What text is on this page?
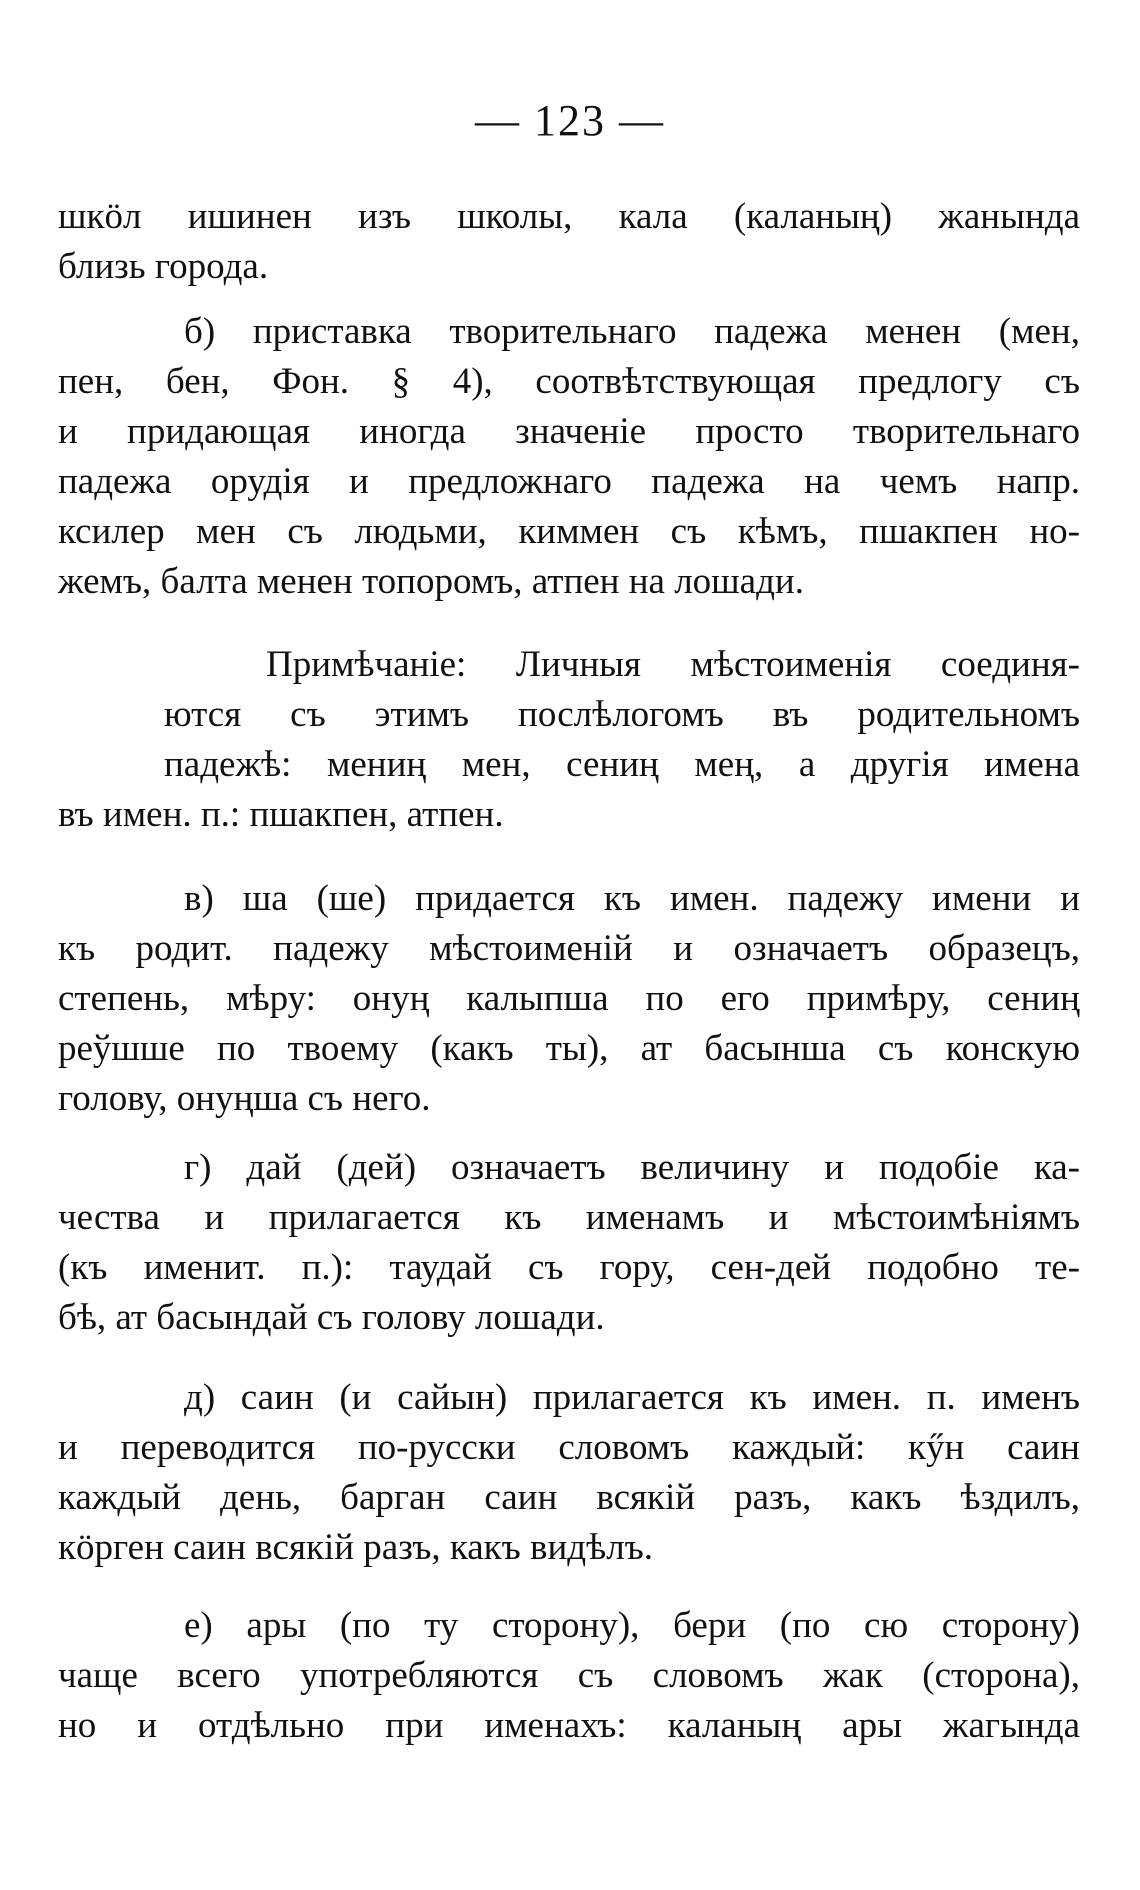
— 123 —

шкöл ишинен изъ школы, кала (каланың) жанында
близь города.
б) приставка творительнаго падежа менен (мен,
пен, бен, Фон. § 4), соотвѣтствующая предлогу съ
и придающая иногда значеніе просто творительнаго
падежа орудія и предложнаго падежа на чемъ напр.
ксилер мен съ людьми, киммен съ кѣмъ, пшакпен но-
жемъ, балта менен топоромъ, атпен на лошади.
Примѣчаніе: Личныя мѣстоименія соединя-
ются съ этимъ послѣлогомъ въ родительномъ
падежѣ: мениң мен, сениң мең, а другія имена
въ имен. п.: пшакпен, атпен.
в) ша (ше) придается къ имен. падежу имени и
къ родит. падежу мѣстоименій и означаетъ образецъ,
степень, мѣру: онуң калыпша по его примѣру, сениң
реўшше по твоему (какъ ты), ат басынша съ конскую
голову, онуңша съ него.
г) дай (дей) означаетъ величину и подобіе ка-
чества и прилагается къ именамъ и мѣстоимѣніямъ
(къ именит. п.): таудай съ гору, сен-дей подобно те-
бѣ, ат басындай съ голову лошади.
д) саин (и сайын) прилагается къ имен. п. именъ
и переводится по-русски словомъ каждый: кӳн саин
каждый день, барган саин всякій разъ, какъ ѣздилъ,
кöрген саин всякій разъ, какъ видѣлъ.
е) ары (по ту сторону), бери (по сю сторону)
чаще всего употребляются съ словомъ жак (сторона),
но и отдѣльно при именахъ: каланың ары жагында
